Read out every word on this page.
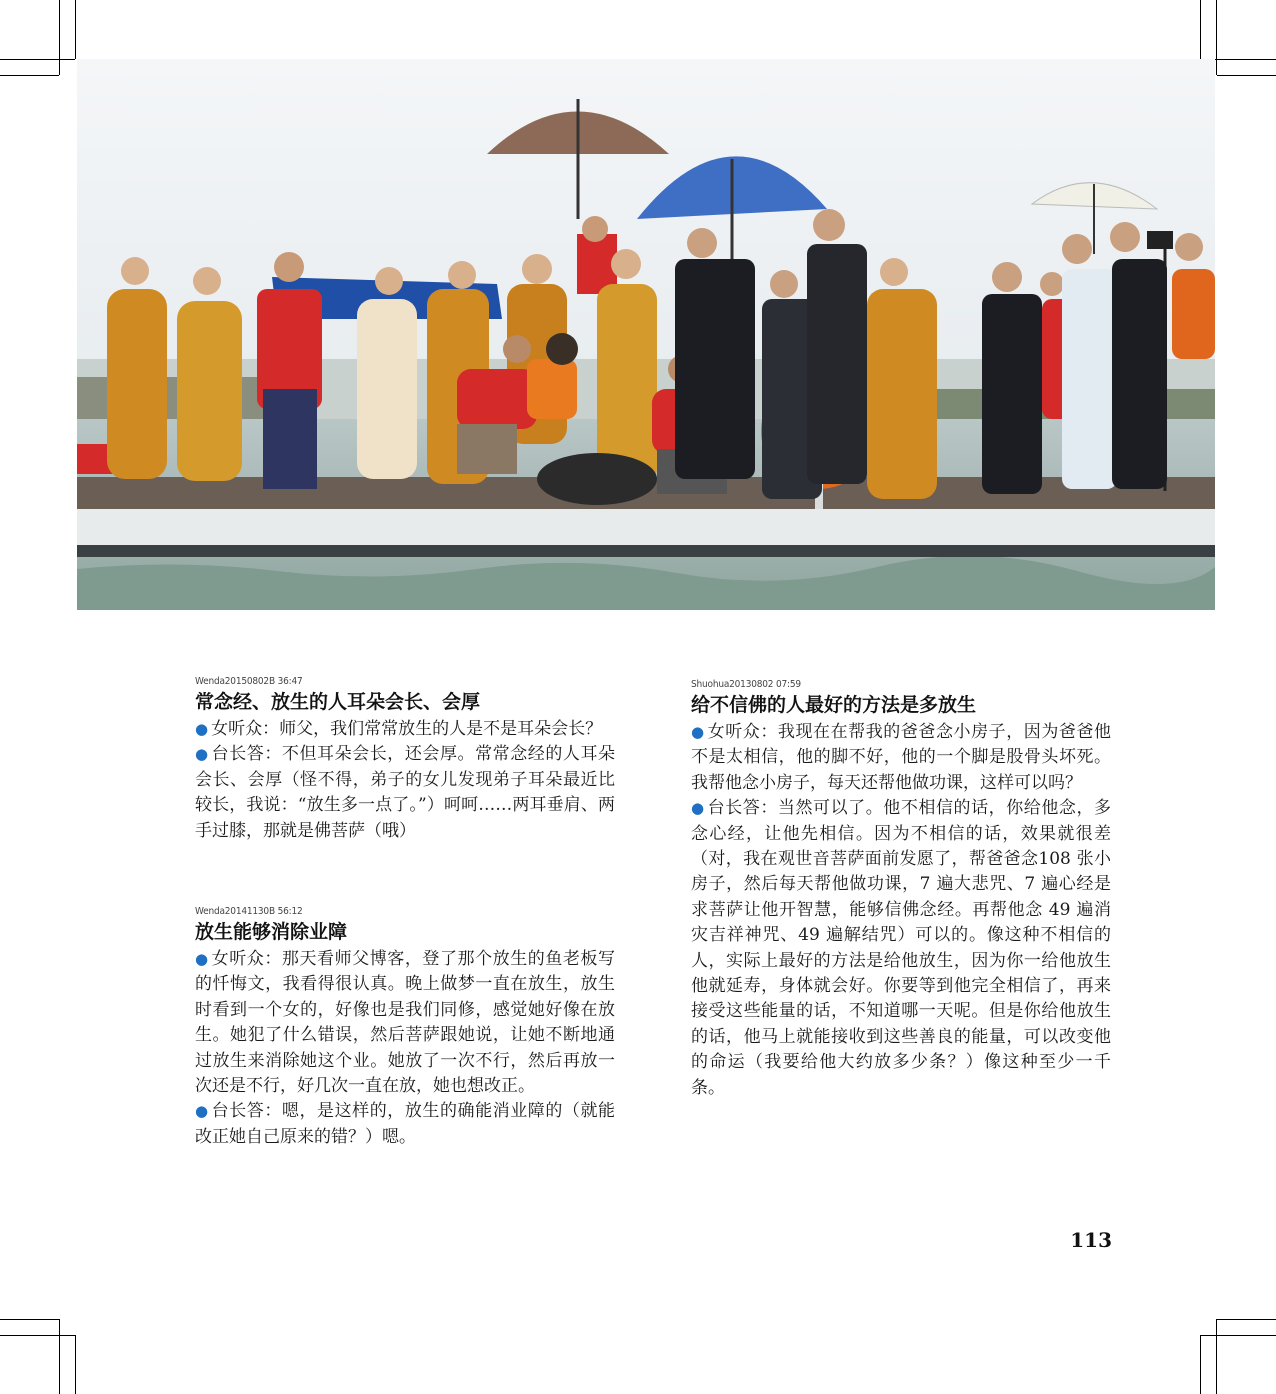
Wenda20150802B 36:47
常念经、放生的人耳朵会长、会厚

● 女听众：师父，我们常常放生的人是不是耳朵会长？

● 台长答：不但耳朵会长，还会厚。常常念经的人耳朵会长、会厚（怪不得，弟子的女儿发现弟子耳朵最近比较长，我说：“放生多一点了。”）呵呵……两耳垂肩、两手过膝，那就是佛菩萨（哦）

Wenda20141130B 56:12
放生能够消除业障

● 女听众：那天看师父博客，登了那个放生的鱼老板写的忏悔文，我看得很认真。晚上做梦一直在放生，放生时看到一个女的，好像也是我们同修，感觉她好像在放生。她犯了什么错误，然后菩萨跟她说，让她不断地通过放生来消除她这个业。她放了一次不行，然后再放一次还是不行，好几次一直在放，她也想改正。

● 台长答：嗯，是这样的，放生的确能消业障的（就能改正她自己原来的错？）嗯。

Shuohua20130802 07:59
给不信佛的人最好的方法是多放生

● 女听众：我现在在帮我的爸爸念小房子，因为爸爸他不是太相信，他的脚不好，他的一个脚是股骨头坏死。我帮他念小房子，每天还帮他做功课，这样可以吗？

● 台长答：当然可以了。他不相信的话，你给他念，多念心经，让他先相信。因为不相信的话，效果就很差（对，我在观世音菩萨面前发愿了，帮爸爸念108 张小房子，然后每天帮他做功课，7 遍大悲咒、7 遍心经是求菩萨让他开智慧，能够信佛念经。再帮他念 49 遍消灾吉祥神咒、49 遍解结咒）可以的。像这种不相信的人，实际上最好的方法是给他放生，因为你一给他放生他就延寿，身体就会好。你要等到他完全相信了，再来接受这些能量的话，不知道哪一天呢。但是你给他放生的话，他马上就能接收到这些善良的能量，可以改变他的命运（我要给他大约放多少条？）像这种至少一千条。

113
